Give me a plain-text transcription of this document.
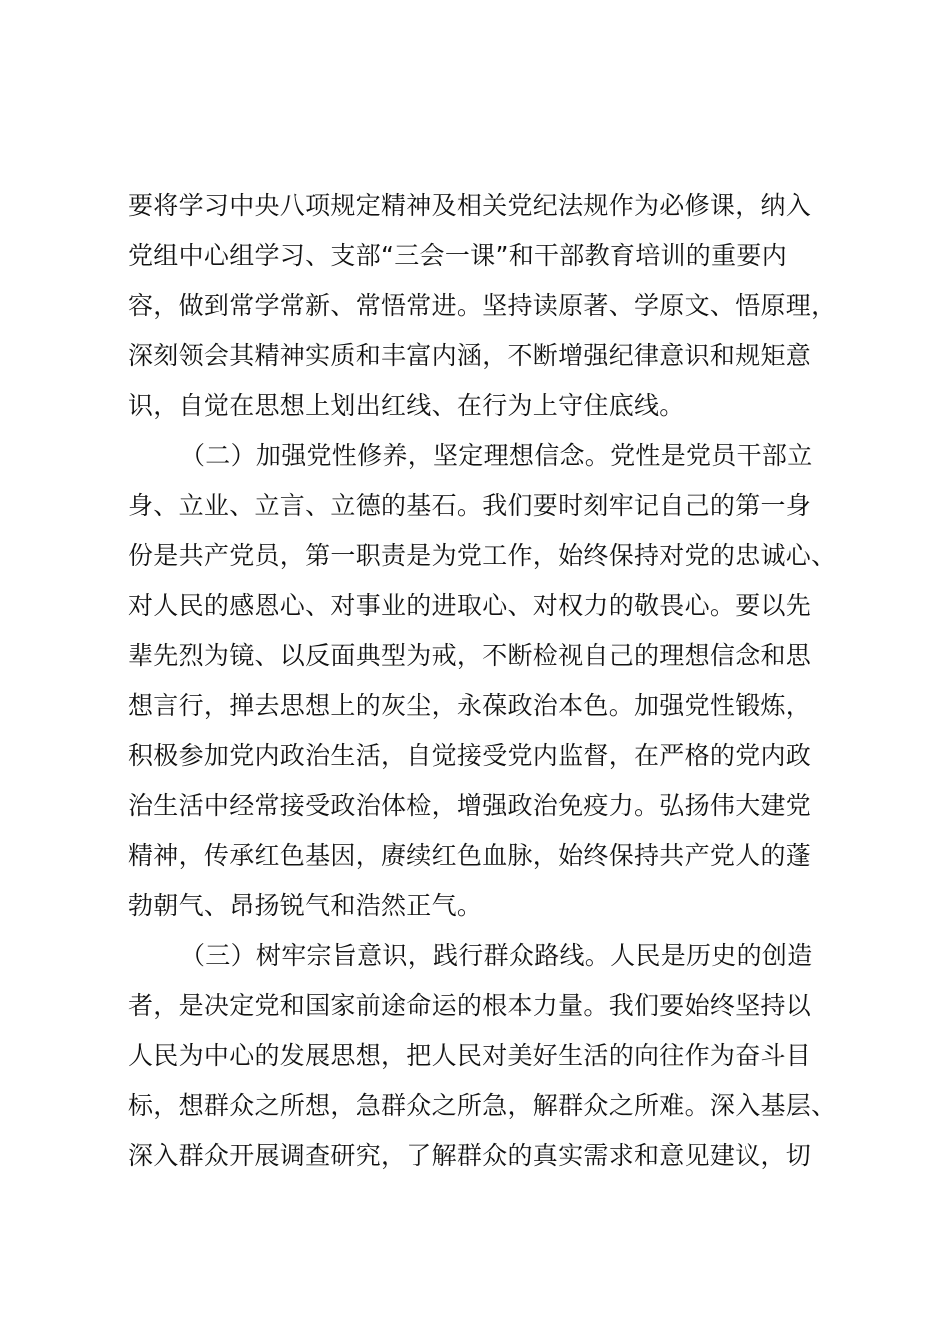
要将学习中央八项规定精神及相关党纪法规作为必修课，纳入
党组中心组学习、支部“三会一课”和干部教育培训的重要内
容，做到常学常新、常悟常进。坚持读原著、学原文、悟原理，
深刻领会其精神实质和丰富内涵，不断增强纪律意识和规矩意
识，自觉在思想上划出红线、在行为上守住底线。

（二）加强党性修养，坚定理想信念。党性是党员干部立
身、立业、立言、立德的基石。我们要时刻牢记自己的第一身
份是共产党员，第一职责是为党工作，始终保持对党的忠诚心、
对人民的感恩心、对事业的进取心、对权力的敬畏心。要以先
辈先烈为镜、以反面典型为戒，不断检视自己的理想信念和思
想言行，掸去思想上的灰尘，永葆政治本色。加强党性锻炼，
积极参加党内政治生活，自觉接受党内监督，在严格的党内政
治生活中经常接受政治体检，增强政治免疫力。弘扬伟大建党
精神，传承红色基因，赓续红色血脉，始终保持共产党人的蓬
勃朝气、昂扬锐气和浩然正气。

（三）树牢宗旨意识，践行群众路线。人民是历史的创造
者，是决定党和国家前途命运的根本力量。我们要始终坚持以
人民为中心的发展思想，把人民对美好生活的向往作为奋斗目
标，想群众之所想，急群众之所急，解群众之所难。深入基层、
深入群众开展调查研究，了解群众的真实需求和意见建议，切
